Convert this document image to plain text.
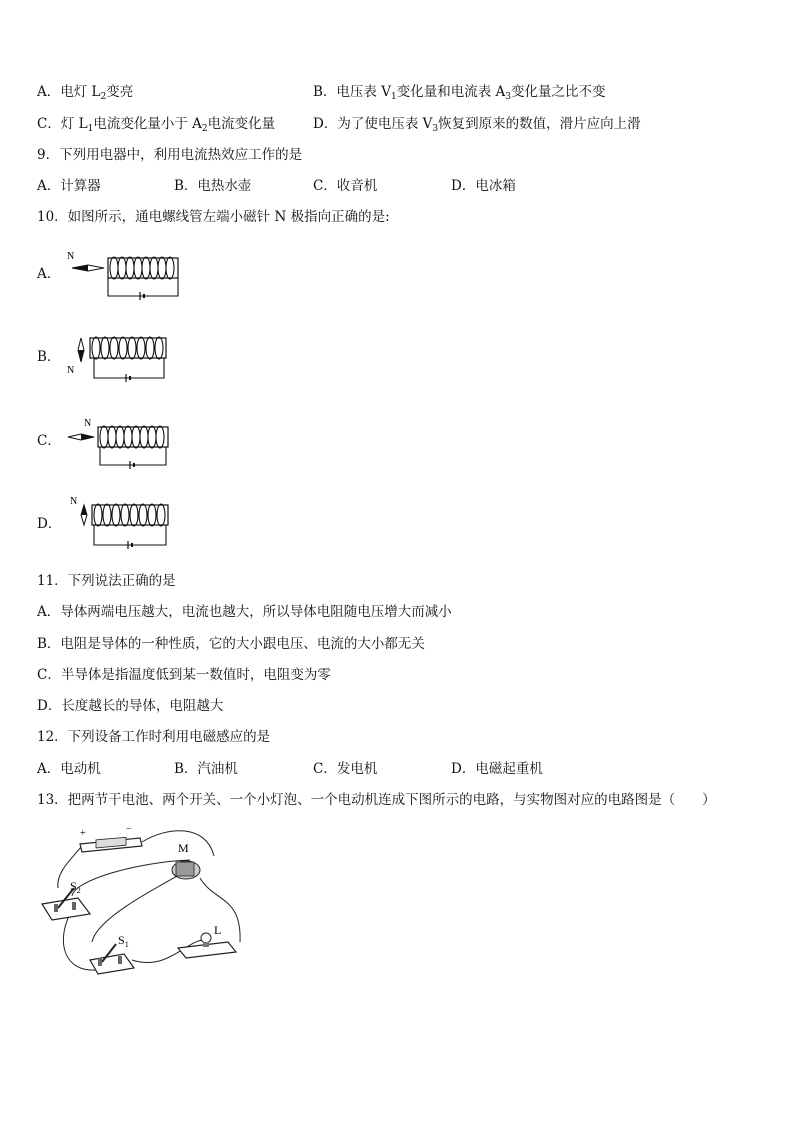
A．电灯 $L_2$变亮	B．电压表 $V_1$变化量和电流表 $A_3$变化量之比不变
C．灯 $L_1$电流变化量小于 $A_2$电流变化量	D．为了使电压表 $V_3$恢复到原来的数值，滑片应向上滑
9．下列用电器中，利用电流热效应工作的是
A．计算器	B．电热水壶	C．收音机	D．电冰箱
10．如图所示，通电螺线管左端小磁针 N 极指向正确的是:
A．
N
B．
N
C．
N
D．
N
11．下列说法正确的是
A．导体两端电压越大，电流也越大，所以导体电阻随电压增大而减小
B．电阻是导体的一种性质，它的大小跟电压、电流的大小都无关
C．半导体是指温度低到某一数值时，电阻变为零
D．长度越长的导体，电阻越大
12．下列设备工作时利用电磁感应的是
A．电动机	B．汽油机	C．发电机	D．电磁起重机
13．把两节干电池、两个开关、一个小灯泡、一个电动机连成下图所示的电路，与实物图对应的电路图是（　　）
+	−
M
$S_2$
$S_1$
L
